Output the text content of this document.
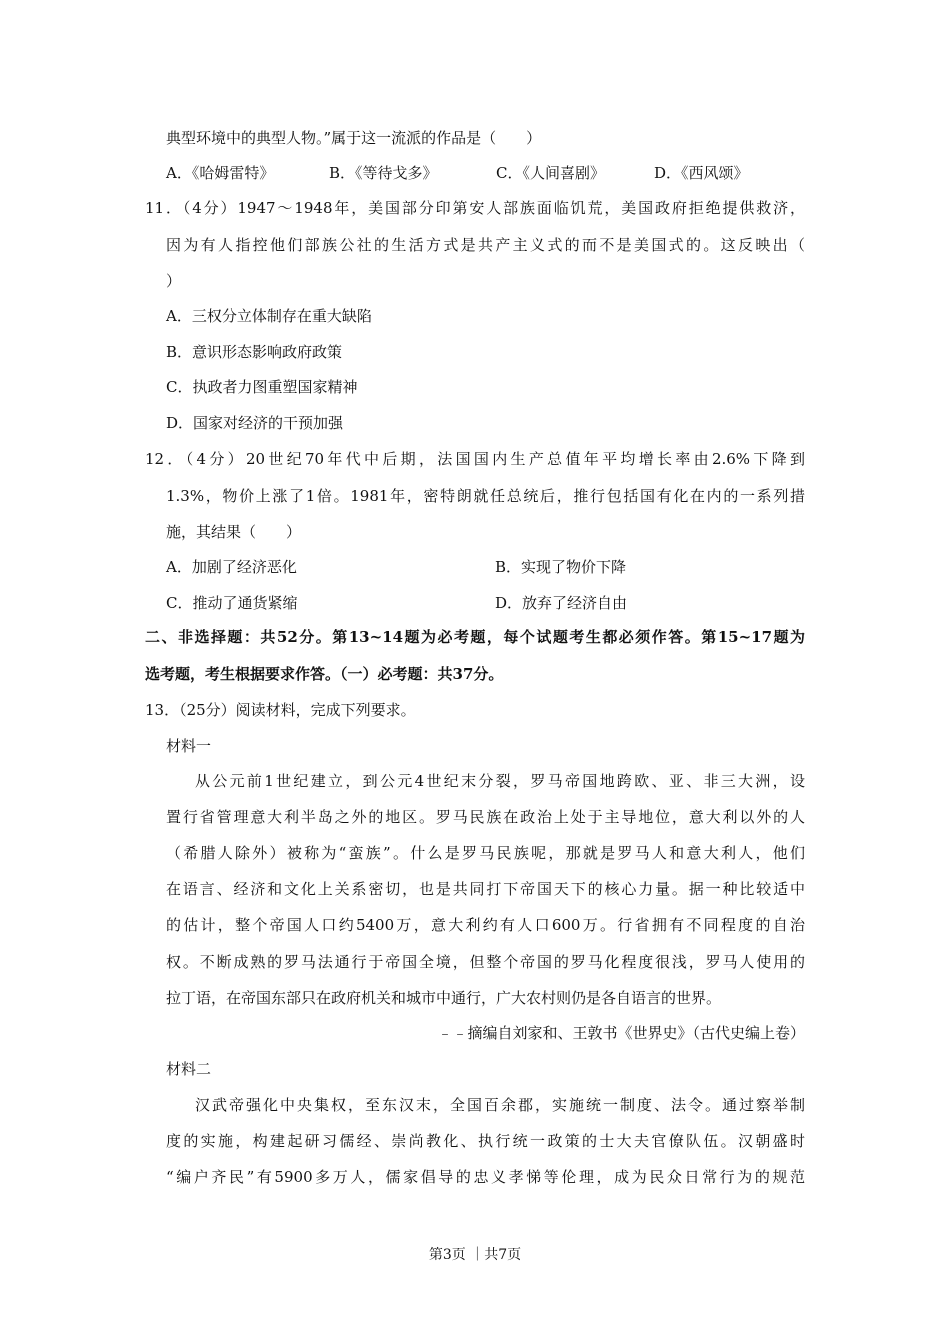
典型环境中的典型人物。”属于这一流派的作品是（　　）
A．《哈姆雷特》	B．《等待戈多》	C．《人间喜剧》	D．《西风颂》
11．（4分）1947～1948年，美国部分印第安人部族面临饥荒，美国政府拒绝提供救济，
因为有人指控他们部族公社的生活方式是共产主义式的而不是美国式的。这反映出（
）
A．三权分立体制存在重大缺陷
B．意识形态影响政府政策
C．执政者力图重塑国家精神
D．国家对经济的干预加强
12．（4分）20世纪70年代中后期，法国国内生产总值年平均增长率由2.6%下降到
1.3%，物价上涨了1倍。1981年，密特朗就任总统后，推行包括国有化在内的一系列措
施，其结果（　　）
A．加剧了经济恶化	B．实现了物价下降
C．推动了通货紧缩	D．放弃了经济自由
二、非选择题：共52分。第13~14题为必考题，每个试题考生都必须作答。第15~17题为
选考题，考生根据要求作答。（一）必考题：共37分。
13．（25分）阅读材料，完成下列要求。
材料一
从公元前1世纪建立，到公元4世纪末分裂，罗马帝国地跨欧、亚、非三大洲，设
置行省管理意大利半岛之外的地区。罗马民族在政治上处于主导地位，意大利以外的人
（希腊人除外）被称为“蛮族”。什么是罗马民族呢，那就是罗马人和意大利人，他们
在语言、经济和文化上关系密切，也是共同打下帝国天下的核心力量。据一种比较适中
的估计，整个帝国人口约5400万，意大利约有人口600万。行省拥有不同程度的自治
权。不断成熟的罗马法通行于帝国全境，但整个帝国的罗马化程度很浅，罗马人使用的
拉丁语，在帝国东部只在政府机关和城市中通行，广大农村则仍是各自语言的世界。
﹣﹣摘编自刘家和、王敦书《世界史》（古代史编上卷）
材料二
汉武帝强化中央集权，至东汉末，全国百余郡，实施统一制度、法令。通过察举制
度的实施，构建起研习儒经、崇尚教化、执行统一政策的士大夫官僚队伍。汉朝盛时
“编户齐民”有5900多万人，儒家倡导的忠义孝悌等伦理，成为民众日常行为的规范
第3页 ｜共7页
